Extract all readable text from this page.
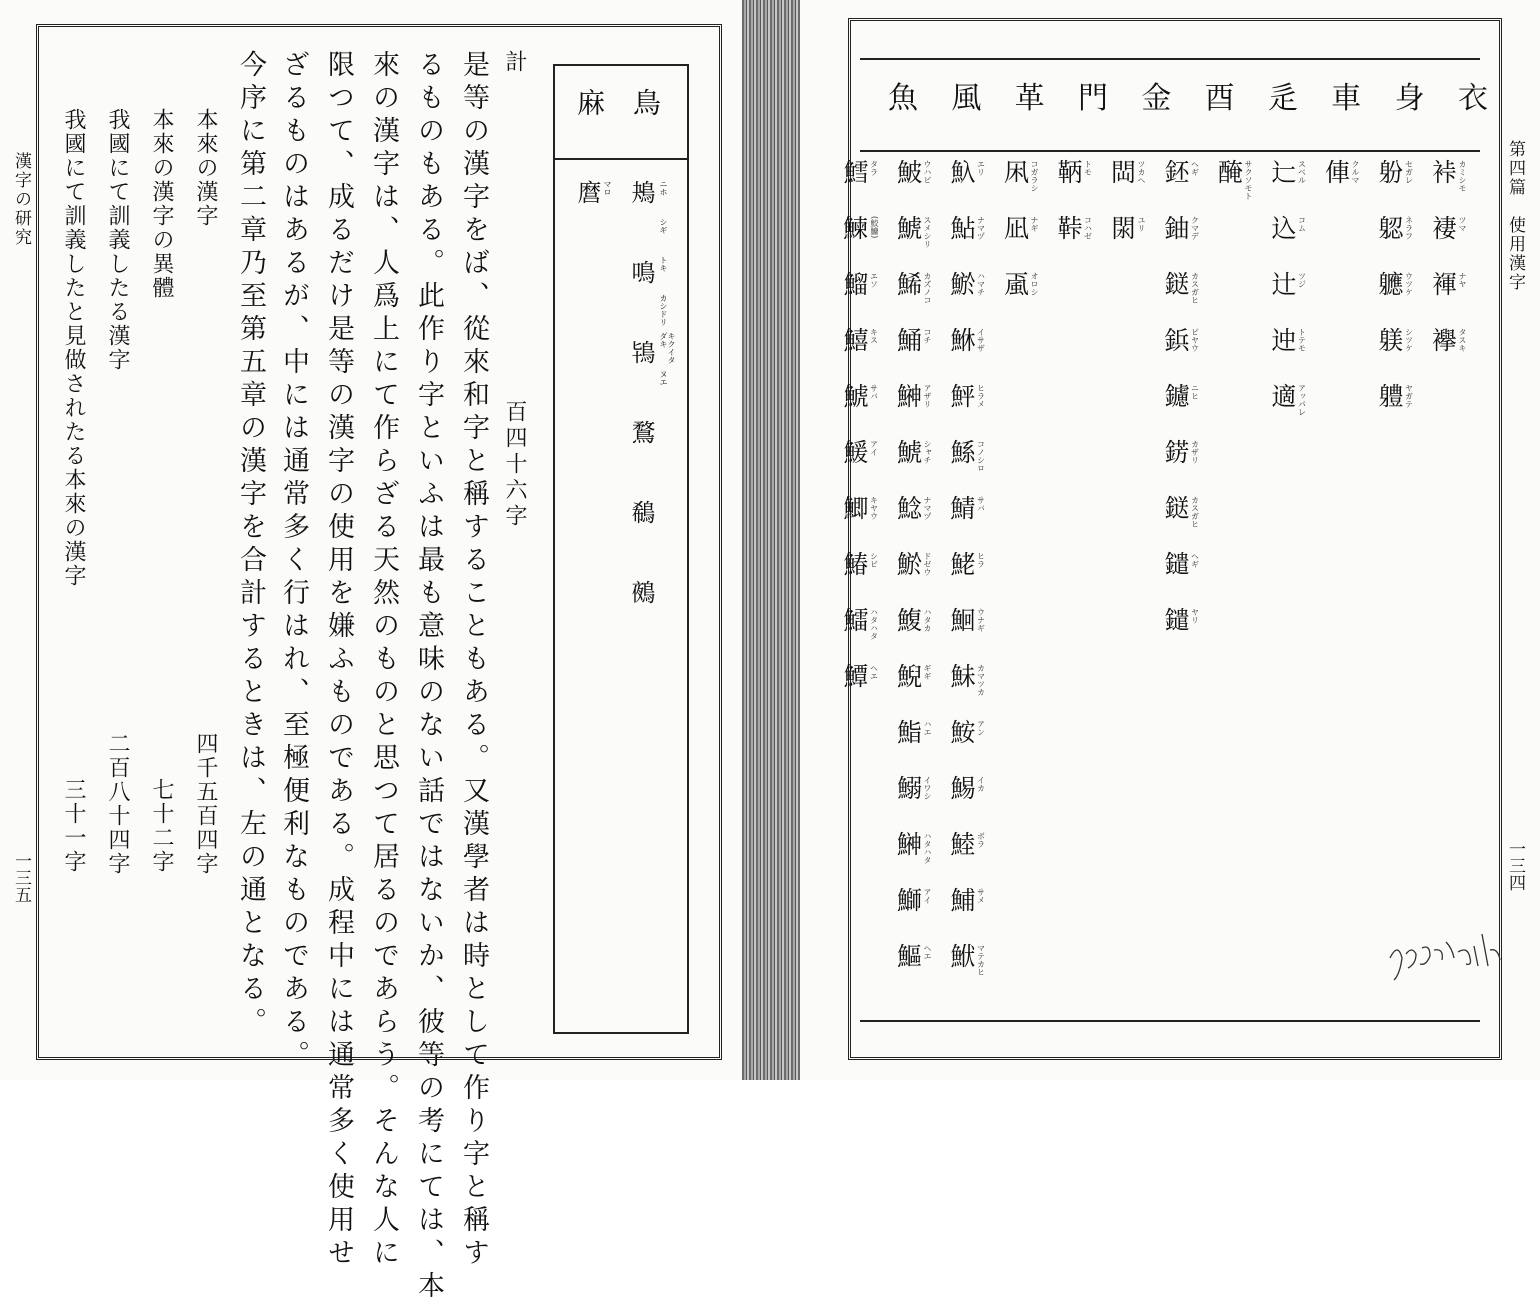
漢字の研究
一三五
鳥
麻
鴂 鳴 鴇 鶩 鵗 鵺
ニホシギトキカシドリキクイタダキヌエ
麿 マロ
計
百四十六字
是等の漢字をば、從來和字と稱することもある。又漢學者は時として作り字と稱す
るものもある。此作り字といふは最も意味のない話ではないか、彼等の考にては、本
來の漢字は、人爲上にて作らざる天然のものと思つて居るのであらう。そんな人に
限つて、成るだけ是等の漢字の使用を嫌ふものである。成程中には通常多く使用せ
ざるものはあるが、中には通常多く行はれ、至極便利なものである。
今序に第二章乃至第五章の漢字を合計するときは、左の通となる。
本來の漢字
四千五百四字
本來の漢字の異體
七十二字
我國にて訓義したる漢字
二百八十四字
我國にて訓義したと見做されたる本來の漢字
三十一字
衣
身
車
辵
酉
金
門
革
風
魚
裃 カミシモ
褄 ツマ
褌 ナヤ
襷 タスキ
躮 セガレ
躵 ネラフ
軈 ウツケ
躾 シツケ
軆 ヤガテ
俥 クルマ
辷 スベル
込 コム
辻 ツジ
迚 トテモ
適 アッパレ
醃 サクソモト
鉟 ヘギ
鈾 クマデ
鎹 カスガヒ
鋲 ビヤウ
鑢 ニヒ
錺 カザリ
鎹 カスガヒ
鑓 ヘギ
鑓 ヤリ
閊 ツカヘ
閖 ユリ
鞆 トモ
鞐 コハゼ
凩 コガラシ
凪 ナギ
颪 オロシ
魞 エリ
鮎 ナマヅ
鯲 ハマチ
鮴 イサザ
鮃 ヒラメ
鯀 コノシロ
鯖 サバ
鮱 ヒラ
鮰 ウナギ
鮇 カマツカ
鮟 アン
鯣 イカ
鯥 ボラ
鯆 サメ
鮲 マテカヒ
鮍 ウハビ
鯱 スメシリ
鯑 カズノコ
鯒 コチ
鰰 アザリ
鯱 シャチ
鯰 ナマヅ
鯲 ドゼウ
鰒 ハタカ
鯢 ギギ
鮨 ハエ
鰯 イワシ
鰰 ハタハタ
鰤 アイ
鰸 ヘエ
鱈 タラ
鰊 (鮫鱇)
鰡 エソ
鱚 キス
鯱 サバ
鰀 アイ
鯽 キヤウ
鰆 シビ
鱩 ハタハタ
鱏 ヘエ
第四篇　使用漢字
一三四
